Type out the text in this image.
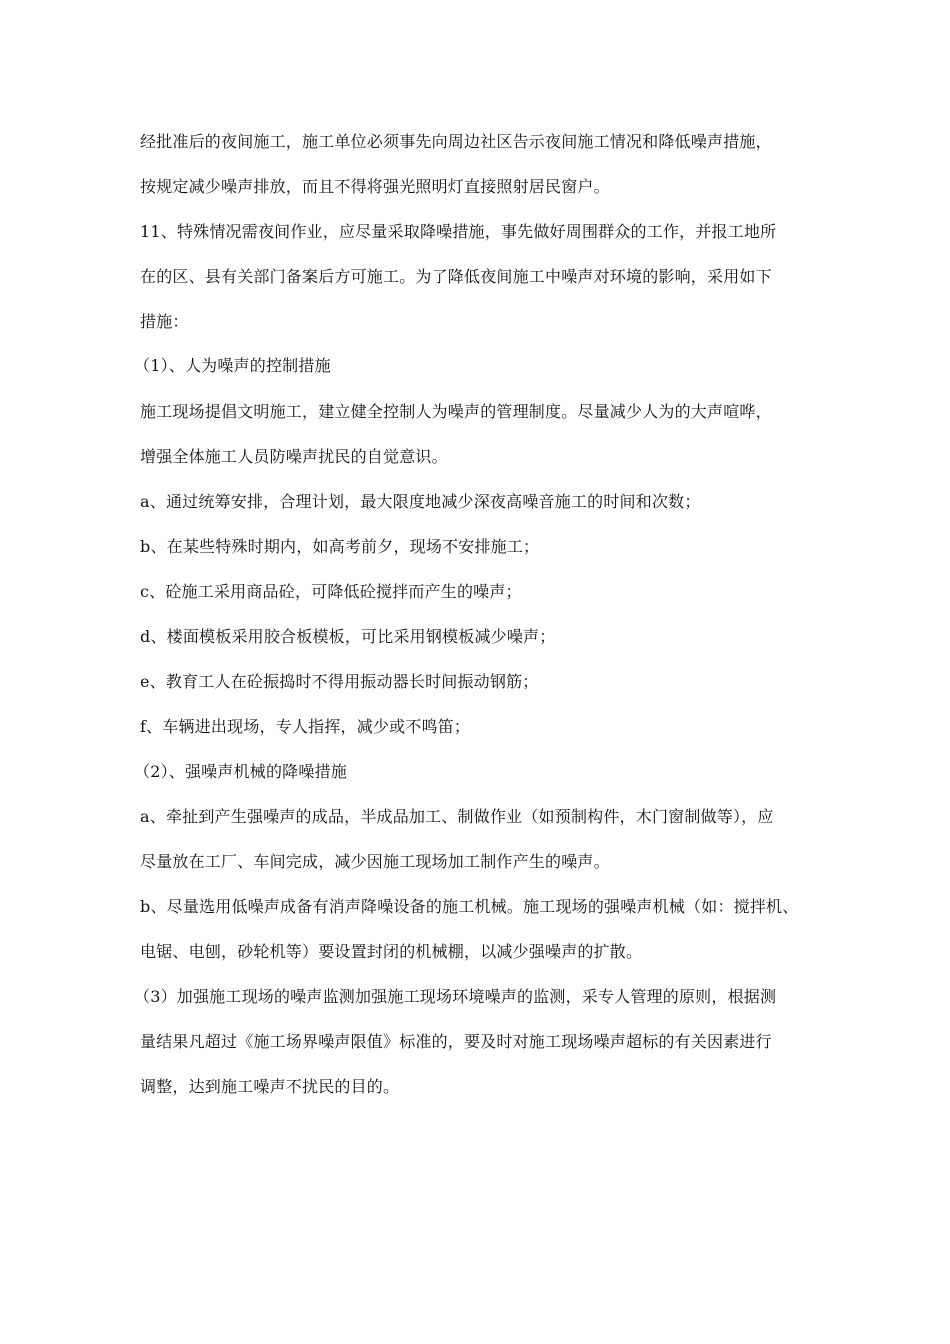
经批准后的夜间施工，施工单位必须事先向周边社区告示夜间施工情况和降低噪声措施，
按规定减少噪声排放，而且不得将强光照明灯直接照射居民窗户。
11、特殊情况需夜间作业，应尽量采取降噪措施，事先做好周围群众的工作，并报工地所
在的区、县有关部门备案后方可施工。为了降低夜间施工中噪声对环境的影响，采用如下
措施：
（1）、人为噪声的控制措施
施工现场提倡文明施工，建立健全控制人为噪声的管理制度。尽量减少人为的大声喧哗，
增强全体施工人员防噪声扰民的自觉意识。
a、通过统筹安排，合理计划，最大限度地减少深夜高噪音施工的时间和次数；
b、在某些特殊时期内，如高考前夕，现场不安排施工；
c、砼施工采用商品砼，可降低砼搅拌而产生的噪声；
d、楼面模板采用胶合板模板，可比采用钢模板减少噪声；
e、教育工人在砼振捣时不得用振动器长时间振动钢筋；
f、车辆进出现场，专人指挥，减少或不鸣笛；
（2）、强噪声机械的降噪措施
a、牵扯到产生强噪声的成品，半成品加工、制做作业（如预制构件，木门窗制做等），应
尽量放在工厂、车间完成，减少因施工现场加工制作产生的噪声。
b、尽量选用低噪声成备有消声降噪设备的施工机械。施工现场的强噪声机械（如：搅拌机、
电锯、电刨，砂轮机等）要设置封闭的机械棚，以减少强噪声的扩散。
（3）加强施工现场的噪声监测加强施工现场环境噪声的监测，采专人管理的原则，根据测
量结果凡超过《施工场界噪声限值》标准的，要及时对施工现场噪声超标的有关因素进行
调整，达到施工噪声不扰民的目的。
